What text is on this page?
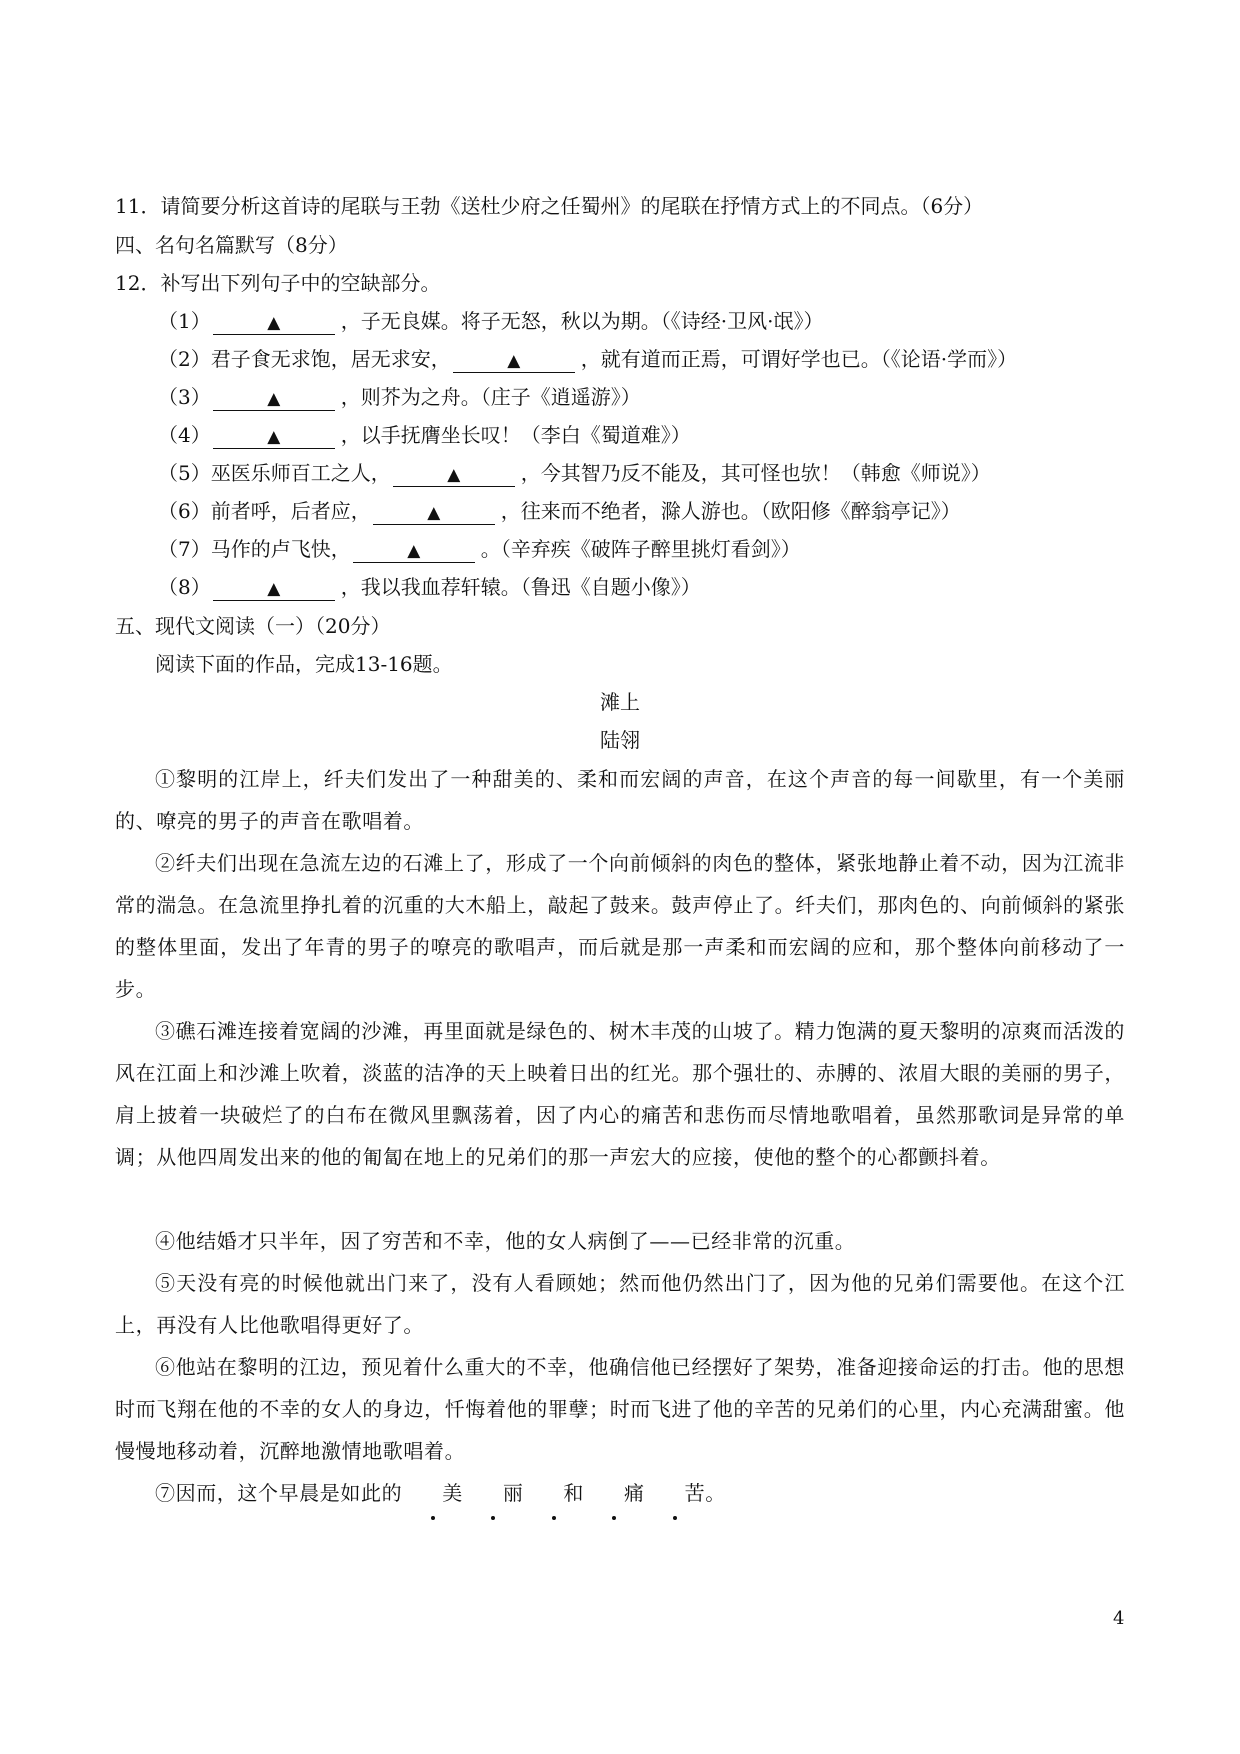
11．请简要分析这首诗的尾联与王勃《送杜少府之任蜀州》的尾联在抒情方式上的不同点。（6分）
四、名句名篇默写（8分）
12．补写出下列句子中的空缺部分。
（1）	▲	，子无良媒。将子无怒，秋以为期。（《诗经·卫风·氓》）
（2）君子食无求饱，居无求安，	▲	，就有道而正焉，可谓好学也已。（《论语·学而》）
（3）	▲	，则芥为之舟。（庄子《逍遥游》）
（4）	▲	，以手抚膺坐长叹！（李白《蜀道难》）
（5）巫医乐师百工之人，	▲	，今其智乃反不能及，其可怪也欤！（韩愈《师说》）
（6）前者呼，后者应，	▲	，往来而不绝者，滁人游也。（欧阳修《醉翁亭记》）
（7）马作的卢飞快，	▲	。（辛弃疾《破阵子醉里挑灯看剑》）
（8）	▲	，我以我血荐轩辕。（鲁迅《自题小像》）
五、现代文阅读（一）（20分）
阅读下面的作品，完成13-16题。
滩上
陆翎
①黎明的江岸上，纤夫们发出了一种甜美的、柔和而宏阔的声音，在这个声音的每一间歇里，有一个美丽的、嘹亮的男子的声音在歌唱着。
②纤夫们出现在急流左边的石滩上了，形成了一个向前倾斜的肉色的整体，紧张地静止着不动，因为江流非常的湍急。在急流里挣扎着的沉重的大木船上，敲起了鼓来。鼓声停止了。纤夫们，那肉色的、向前倾斜的紧张的整体里面，发出了年青的男子的嘹亮的歌唱声，而后就是那一声柔和而宏阔的应和，那个整体向前移动了一步。
③礁石滩连接着宽阔的沙滩，再里面就是绿色的、树木丰茂的山坡了。精力饱满的夏天黎明的凉爽而活泼的风在江面上和沙滩上吹着，淡蓝的洁净的天上映着日出的红光。那个强壮的、赤膊的、浓眉大眼的美丽的男子，肩上披着一块破烂了的白布在微风里飘荡着，因了内心的痛苦和悲伤而尽情地歌唱着，虽然那歌词是异常的单调；从他四周发出来的他的匍匐在地上的兄弟们的那一声宏大的应接，使他的整个的心都颤抖着。
④他结婚才只半年，因了穷苦和不幸，他的女人病倒了——已经非常的沉重。
⑤天没有亮的时候他就出门来了，没有人看顾她；然而他仍然出门了，因为他的兄弟们需要他。在这个江上，再没有人比他歌唱得更好了。
⑥他站在黎明的江边，预见着什么重大的不幸，他确信他已经摆好了架势，准备迎接命运的打击。他的思想时而飞翔在他的不幸的女人的身边，忏悔着他的罪孽；时而飞进了他的辛苦的兄弟们的心里，内心充满甜蜜。他慢慢地移动着，沉醉地激情地歌唱着。
⑦因而，这个早晨是如此的 美 丽 和 痛 苦。
4
